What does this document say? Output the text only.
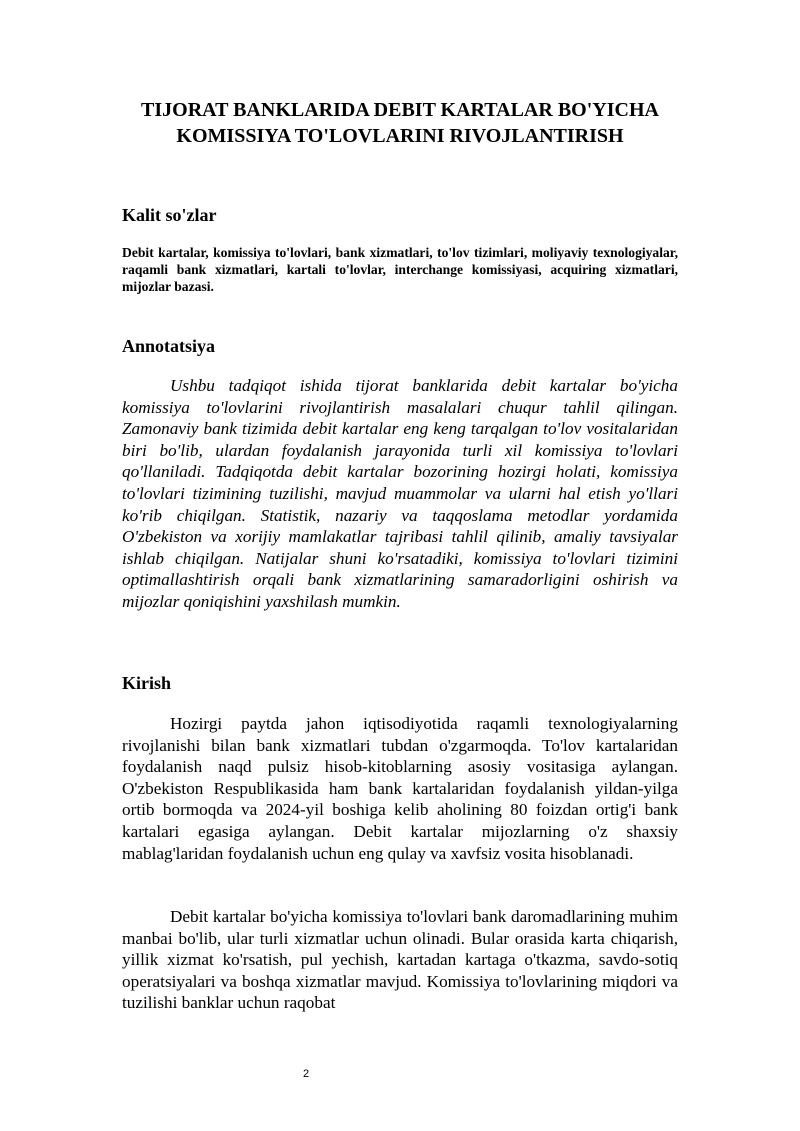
TIJORAT BANKLARIDA DEBIT KARTALAR BO'YICHA KOMISSIYA TO'LOVLARINI RIVOJLANTIRISH
Kalit so'zlar

Debit kartalar, komissiya to'lovlari, bank xizmatlari, to'lov tizimlari, moliyaviy texnologiyalar, raqamli bank xizmatlari, kartali to'lovlar, interchange komissiyasi, acquiring xizmatlari, mijozlar bazasi.

Annotatsiya

Ushbu tadqiqot ishida tijorat banklarida debit kartalar bo'yicha komissiya to'lovlarini rivojlantirish masalalari chuqur tahlil qilingan. Zamonaviy bank tizimida debit kartalar eng keng tarqalgan to'lov vositalaridan biri bo'lib, ulardan foydalanish jarayonida turli xil komissiya to'lovlari qo'llaniladi. Tadqiqotda debit kartalar bozorining hozirgi holati, komissiya to'lovlari tizimining tuzilishi, mavjud muammolar va ularni hal etish yo'llari ko'rib chiqilgan. Statistik, nazariy va taqqoslama metodlar yordamida O'zbekiston va xorijiy mamlakatlar tajribasi tahlil qilinib, amaliy tavsiyalar ishlab chiqilgan. Natijalar shuni ko'rsatadiki, komissiya to'lovlari tizimini optimallashtirish orqali bank xizmatlarining samaradorligini oshirish va mijozlar qoniqishini yaxshilash mumkin.

Kirish

Hozirgi paytda jahon iqtisodiyotida raqamli texnologiyalarning rivojlanishi bilan bank xizmatlari tubdan o'zgarmoqda. To'lov kartalaridan foydalanish naqd pulsiz hisob-kitoblarning asosiy vositasiga aylangan. O'zbekiston Respublikasida ham bank kartalaridan foydalanish yildan-yilga ortib bormoqda va 2024-yil boshiga kelib aholining 80 foizdan ortig'i bank kartalari egasiga aylangan. Debit kartalar mijozlarning o'z shaxsiy mablag'laridan foydalanish uchun eng qulay va xavfsiz vosita hisoblanadi.

Debit kartalar bo'yicha komissiya to'lovlari bank daromadlarining muhim manbai bo'lib, ular turli xizmatlar uchun olinadi. Bular orasida karta chiqarish, yillik xizmat ko'rsatish, pul yechish, kartadan kartaga o'tkazma, savdo-sotiq operatsiyalari va boshqa xizmatlar mavjud. Komissiya to'lovlarining miqdori va tuzilishi banklar uchun raqobat

2
